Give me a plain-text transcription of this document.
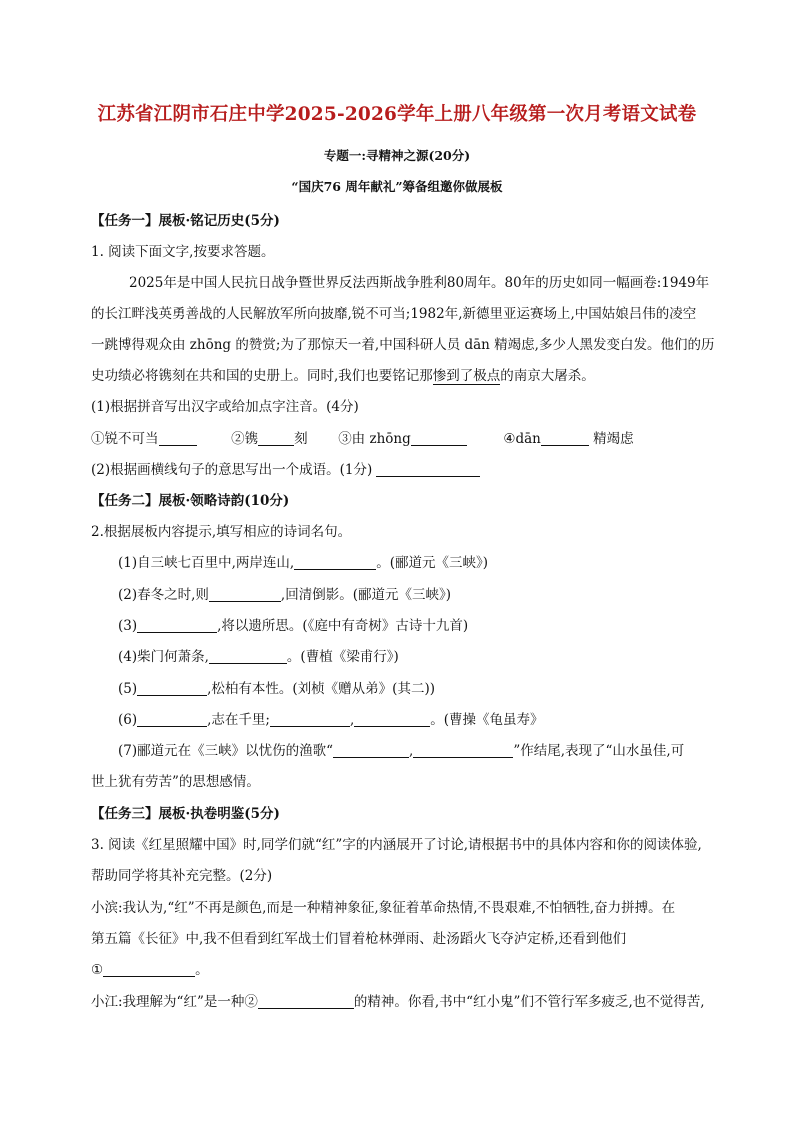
江苏省江阴市石庄中学2025-2026学年上册八年级第一次月考语文试卷
专题一:寻精神之源(20分)
“国庆76 周年献礼”筹备组邀你做展板
【任务一】展板·铭记历史(5分)
1. 阅读下面文字,按要求答题。
2025年是中国人民抗日战争暨世界反法西斯战争胜利80周年。80年的历史如同一幅画卷:1949年
的长江畔浅英勇善战的人民解放军所向披靡,锐不可当;1982年,新德里亚运赛场上,中国姑娘吕伟的凌空
一跳博得观众由 zhōng 的赞赏;为了那惊天一着,中国科研人员 dān 精竭虑,多少人黑发变白发。他们的历
史功绩必将镌刻在共和国的史册上。同时,我们也要铭记那惨到了极点的南京大屠杀。
(1)根据拼音写出汉字或给加点字注音。(4分)
①锐不可当	②镌	刻 ③由 zhōng	④dān	精竭虑
(2)根据画横线句子的意思写出一个成语。(1分)
【任务二】展板·领略诗韵(10分)
2.根据展板内容提示,填写相应的诗词名句。
(1)自三峡七百里中,两岸连山,	。(郦道元《三峡》)
(2)春冬之时,则	,回清倒影。(郦道元《三峡》)
(3)	,将以遗所思。(《庭中有奇树》古诗十九首)
(4)柴门何萧条,	。(曹植《梁甫行》)
(5)	,松柏有本性。(刘桢《赠从弟》(其二))
(6)	,志在千里;	,	。(曹操《龟虽寿》
(7)郦道元在《三峡》以忧伤的渔歌“	,	”作结尾,表现了“山水虽佳,可
世上犹有劳苦”的思想感情。
【任务三】展板·执卷明鉴(5分)
3. 阅读《红星照耀中国》时,同学们就“红”字的内涵展开了讨论,请根据书中的具体内容和你的阅读体验,
帮助同学将其补充完整。(2分)
小滨:我认为,“红”不再是颜色,而是一种精神象征,象征着革命热情,不畏艰难,不怕牺牲,奋力拼搏。在
第五篇《长征》中,我不但看到红军战士们冒着枪林弹雨、赴汤蹈火飞夺泸定桥,还看到他们
①	。
小江:我理解为“红”是一种②	的精神。你看,书中“红小鬼”们不管行军多疲乏,也不觉得苦,
